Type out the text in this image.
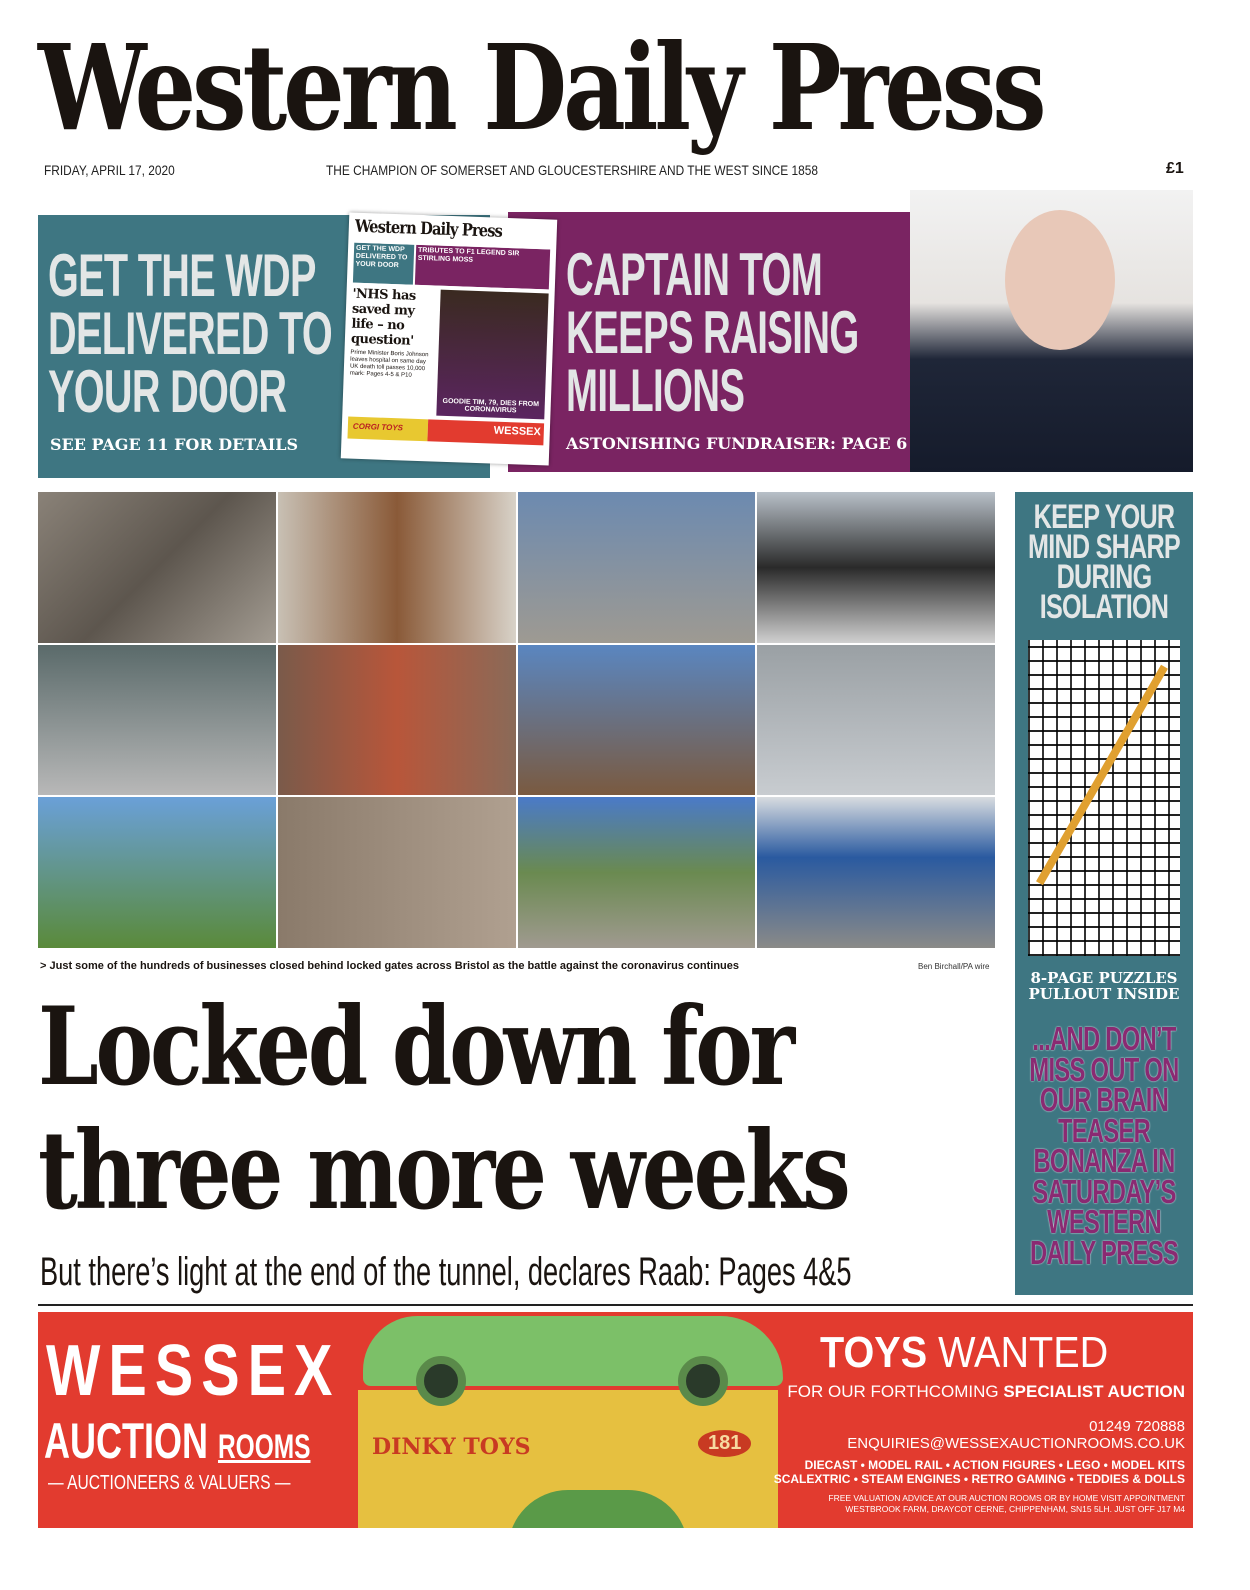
Western Daily Press
FRIDAY, APRIL 17, 2020	THE CHAMPION OF SOMERSET AND GLOUCESTERSHIRE AND THE WEST SINCE 1858	£1
GET THE WDP
DELIVERED TO
YOUR DOOR
SEE PAGE 11 FOR DETAILS
CAPTAIN TOM
KEEPS RAISING
MILLIONS
ASTONISHING FUNDRAISER: PAGE 6
Western Daily Press
GET THE WDP DELIVERED TO YOUR DOOR
TRIBUTES TO F1 LEGEND SIR STIRLING MOSS
'NHS has saved my life – no question'
Prime Minister Boris Johnson leaves hospital on same day UK death toll passes 10,000 mark: Pages 4-5 & P10
GOODIE TIM, 79, DIES FROM CORONAVIRUS
CORGI TOYS	WESSEX
> Just some of the hundreds of businesses closed behind locked gates across Bristol as the battle against the coronavirus continues	Ben Birchall/PA wire
Locked down for
three more weeks
But there’s light at the end of the tunnel, declares Raab: Pages 4&5
KEEP YOUR
MIND SHARP
DURING
ISOLATION
8-PAGE PUZZLES
PULLOUT INSIDE
...AND DON’T
MISS OUT ON
OUR BRAIN
TEASER
BONANZA IN
SATURDAY’S
WESTERN
DAILY PRESS
WESSEX
AUCTION ROOMS
— AUCTIONEERS & VALUERS —
DINKY TOYS	181
TOYS WANTED
FOR OUR FORTHCOMING SPECIALIST AUCTION
01249 720888
ENQUIRIES@WESSEXAUCTIONROOMS.CO.UK
DIECAST • MODEL RAIL • ACTION FIGURES • LEGO • MODEL KITS
SCALEXTRIC • STEAM ENGINES • RETRO GAMING • TEDDIES & DOLLS
FREE VALUATION ADVICE AT OUR AUCTION ROOMS OR BY HOME VISIT APPOINTMENT
WESTBROOK FARM, DRAYCOT CERNE, CHIPPENHAM, SN15 5LH. JUST OFF J17 M4
